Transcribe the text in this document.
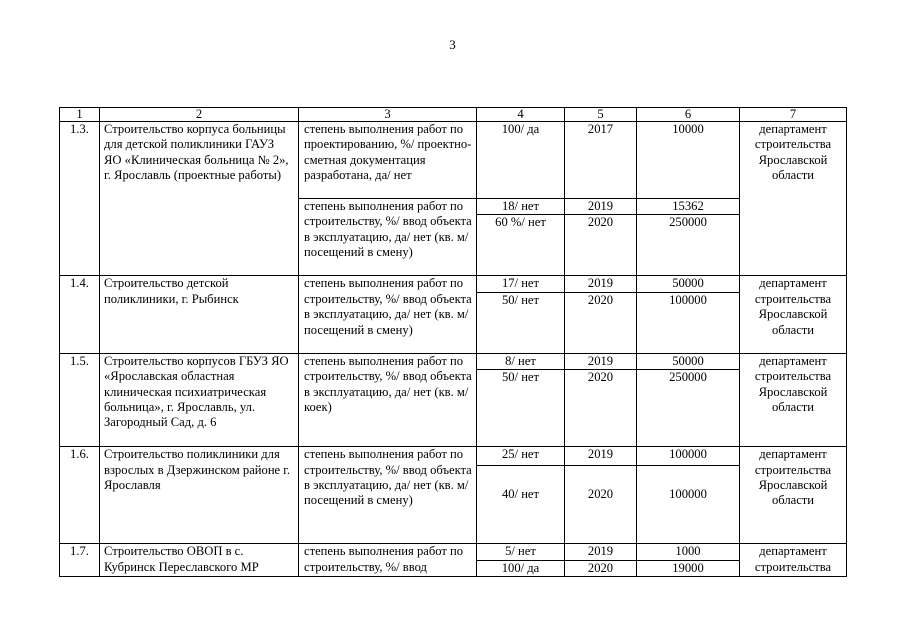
3
1	2	3	4	5	6	7
1.3.	Строительство корпуса больницы для детской поликлиники ГАУЗ ЯО «Клиническая больница № 2», г. Ярославль (проектные работы)	степень выполнения работ по проектированию, %/ проектно-сметная документация разработана, да/ нет	100/ да	2017	10000	департамент строительства Ярославской области
		степень выполнения работ по строительству, %/ ввод объекта в эксплуатацию, да/ нет (кв. м/ посещений в смену)	18/ нет	2019	15362	
			60 %/ нет	2020	250000	
1.4.	Строительство детской поликлиники, г. Рыбинск	степень выполнения работ по строительству, %/ ввод объекта в эксплуатацию, да/ нет (кв. м/ посещений в смену)	17/ нет	2019	50000	департамент строительства Ярославской области
			50/ нет	2020	100000	
1.5.	Строительство корпусов ГБУЗ ЯО «Ярославская областная клиническая психиатрическая больница», г. Ярославль, ул. Загородный Сад, д. 6	степень выполнения работ по строительству, %/ ввод объекта в эксплуатацию, да/ нет (кв. м/ коек)	8/ нет	2019	50000	департамент строительства Ярославской области
			50/ нет	2020	250000	
1.6.	Строительство поликлиники для взрослых в Дзержинском районе г. Ярославля	степень выполнения работ по строительству, %/ ввод объекта в эксплуатацию, да/ нет (кв. м/ посещений в смену)	25/ нет	2019	100000	департамент строительства Ярославской области
			40/ нет	2020	100000	
1.7.	Строительство ОВОП в с. Кубринск Переславского МР	степень выполнения работ по строительству, %/ ввод	5/ нет	2019	1000	департамент строительства
			100/ да	2020	19000	
